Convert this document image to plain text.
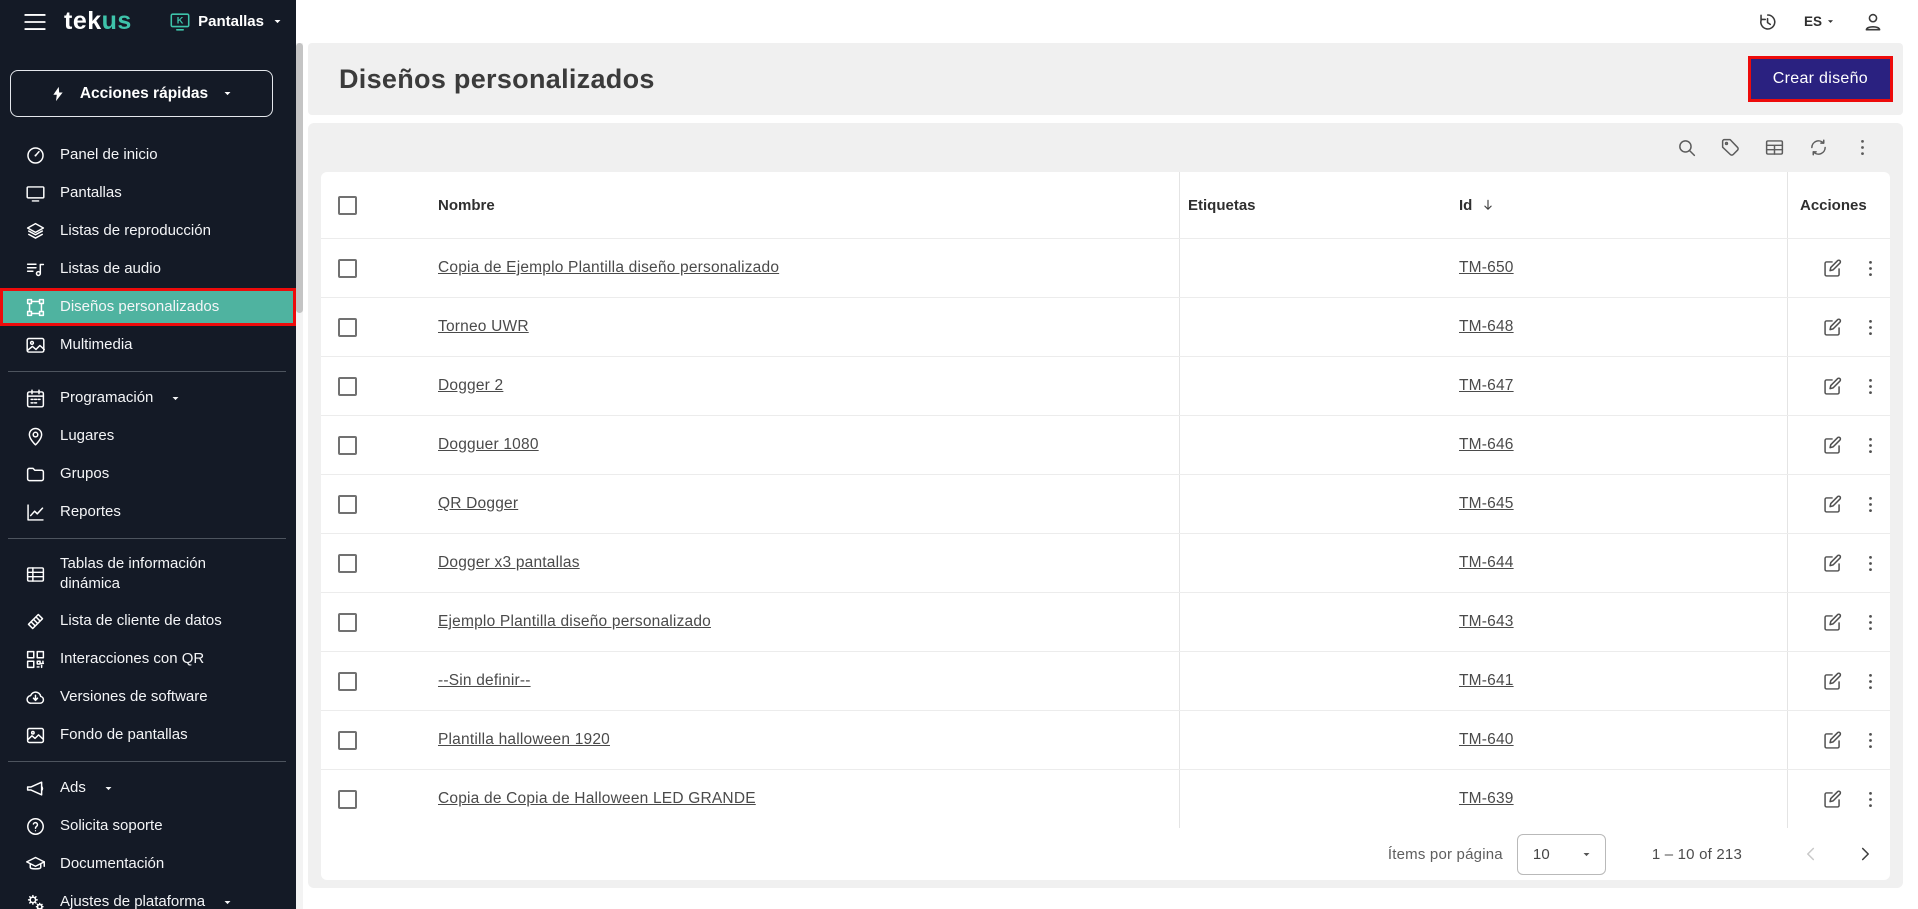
tekus	K Pantallas
Acciones rápidas
Panel de inicio
Pantallas
Listas de reproducción
Listas de audio
Diseños personalizados
Multimedia
Programación
Lugares
Grupos
Reportes
Tablas de información dinámica
Lista de cliente de datos
Interacciones con QR
Versiones de software
Fondo de pantallas
Ads
Solicita soporte
Documentación
Ajustes de plataforma
ES
Diseños personalizados	Crear diseño
Nombre	Etiquetas	Id	Acciones
Copia de Ejemplo Plantilla diseño personalizado	TM-650
Torneo UWR	TM-648
Dogger 2	TM-647
Dogguer 1080	TM-646
QR Dogger	TM-645
Dogger x3 pantallas	TM-644
Ejemplo Plantilla diseño personalizado	TM-643
--Sin definir--	TM-641
Plantilla halloween 1920	TM-640
Copia de Copia de Halloween LED GRANDE	TM-639
Ítems por página 10	1 – 10 of 213
